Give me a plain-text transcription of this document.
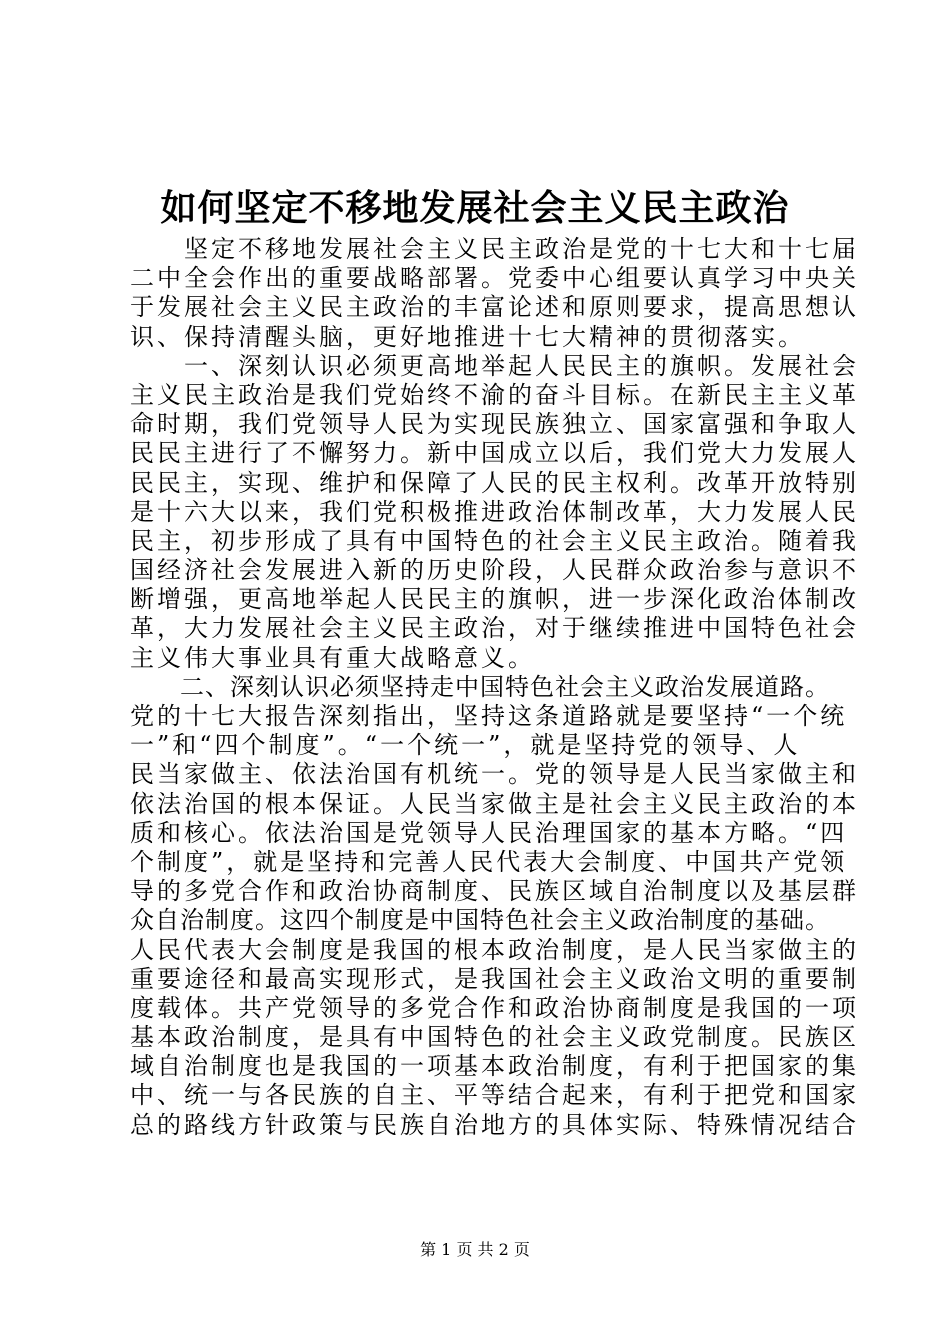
如何坚定不移地发展社会主义民主政治
　　坚定不移地发展社会主义民主政治是党的十七大和十七届
二中全会作出的重要战略部署。党委中心组要认真学习中央关
于发展社会主义民主政治的丰富论述和原则要求，提高思想认
识、保持清醒头脑，更好地推进十七大精神的贯彻落实。
　　一、深刻认识必须更高地举起人民民主的旗帜。发展社会
主义民主政治是我们党始终不渝的奋斗目标。在新民主主义革
命时期，我们党领导人民为实现民族独立、国家富强和争取人
民民主进行了不懈努力。新中国成立以后，我们党大力发展人
民民主，实现、维护和保障了人民的民主权利。改革开放特别
是十六大以来，我们党积极推进政治体制改革，大力发展人民
民主，初步形成了具有中国特色的社会主义民主政治。随着我
国经济社会发展进入新的历史阶段，人民群众政治参与意识不
断增强，更高地举起人民民主的旗帜，进一步深化政治体制改
革，大力发展社会主义民主政治，对于继续推进中国特色社会
主义伟大事业具有重大战略意义。
　　二、深刻认识必须坚持走中国特色社会主义政治发展道路。
党的十七大报告深刻指出，坚持这条道路就是要坚持“一个统
一”和“四个制度”。“一个统一”，就是坚持党的领导、人
民当家做主、依法治国有机统一。党的领导是人民当家做主和
依法治国的根本保证。人民当家做主是社会主义民主政治的本
质和核心。依法治国是党领导人民治理国家的基本方略。“四
个制度”，就是坚持和完善人民代表大会制度、中国共产党领
导的多党合作和政治协商制度、民族区域自治制度以及基层群
众自治制度。这四个制度是中国特色社会主义政治制度的基础。
人民代表大会制度是我国的根本政治制度，是人民当家做主的
重要途径和最高实现形式，是我国社会主义政治文明的重要制
度载体。共产党领导的多党合作和政治协商制度是我国的一项
基本政治制度，是具有中国特色的社会主义政党制度。民族区
域自治制度也是我国的一项基本政治制度，有利于把国家的集
中、统一与各民族的自主、平等结合起来，有利于把党和国家
总的路线方针政策与民族自治地方的具体实际、特殊情况结合
第 1 页 共 2 页
